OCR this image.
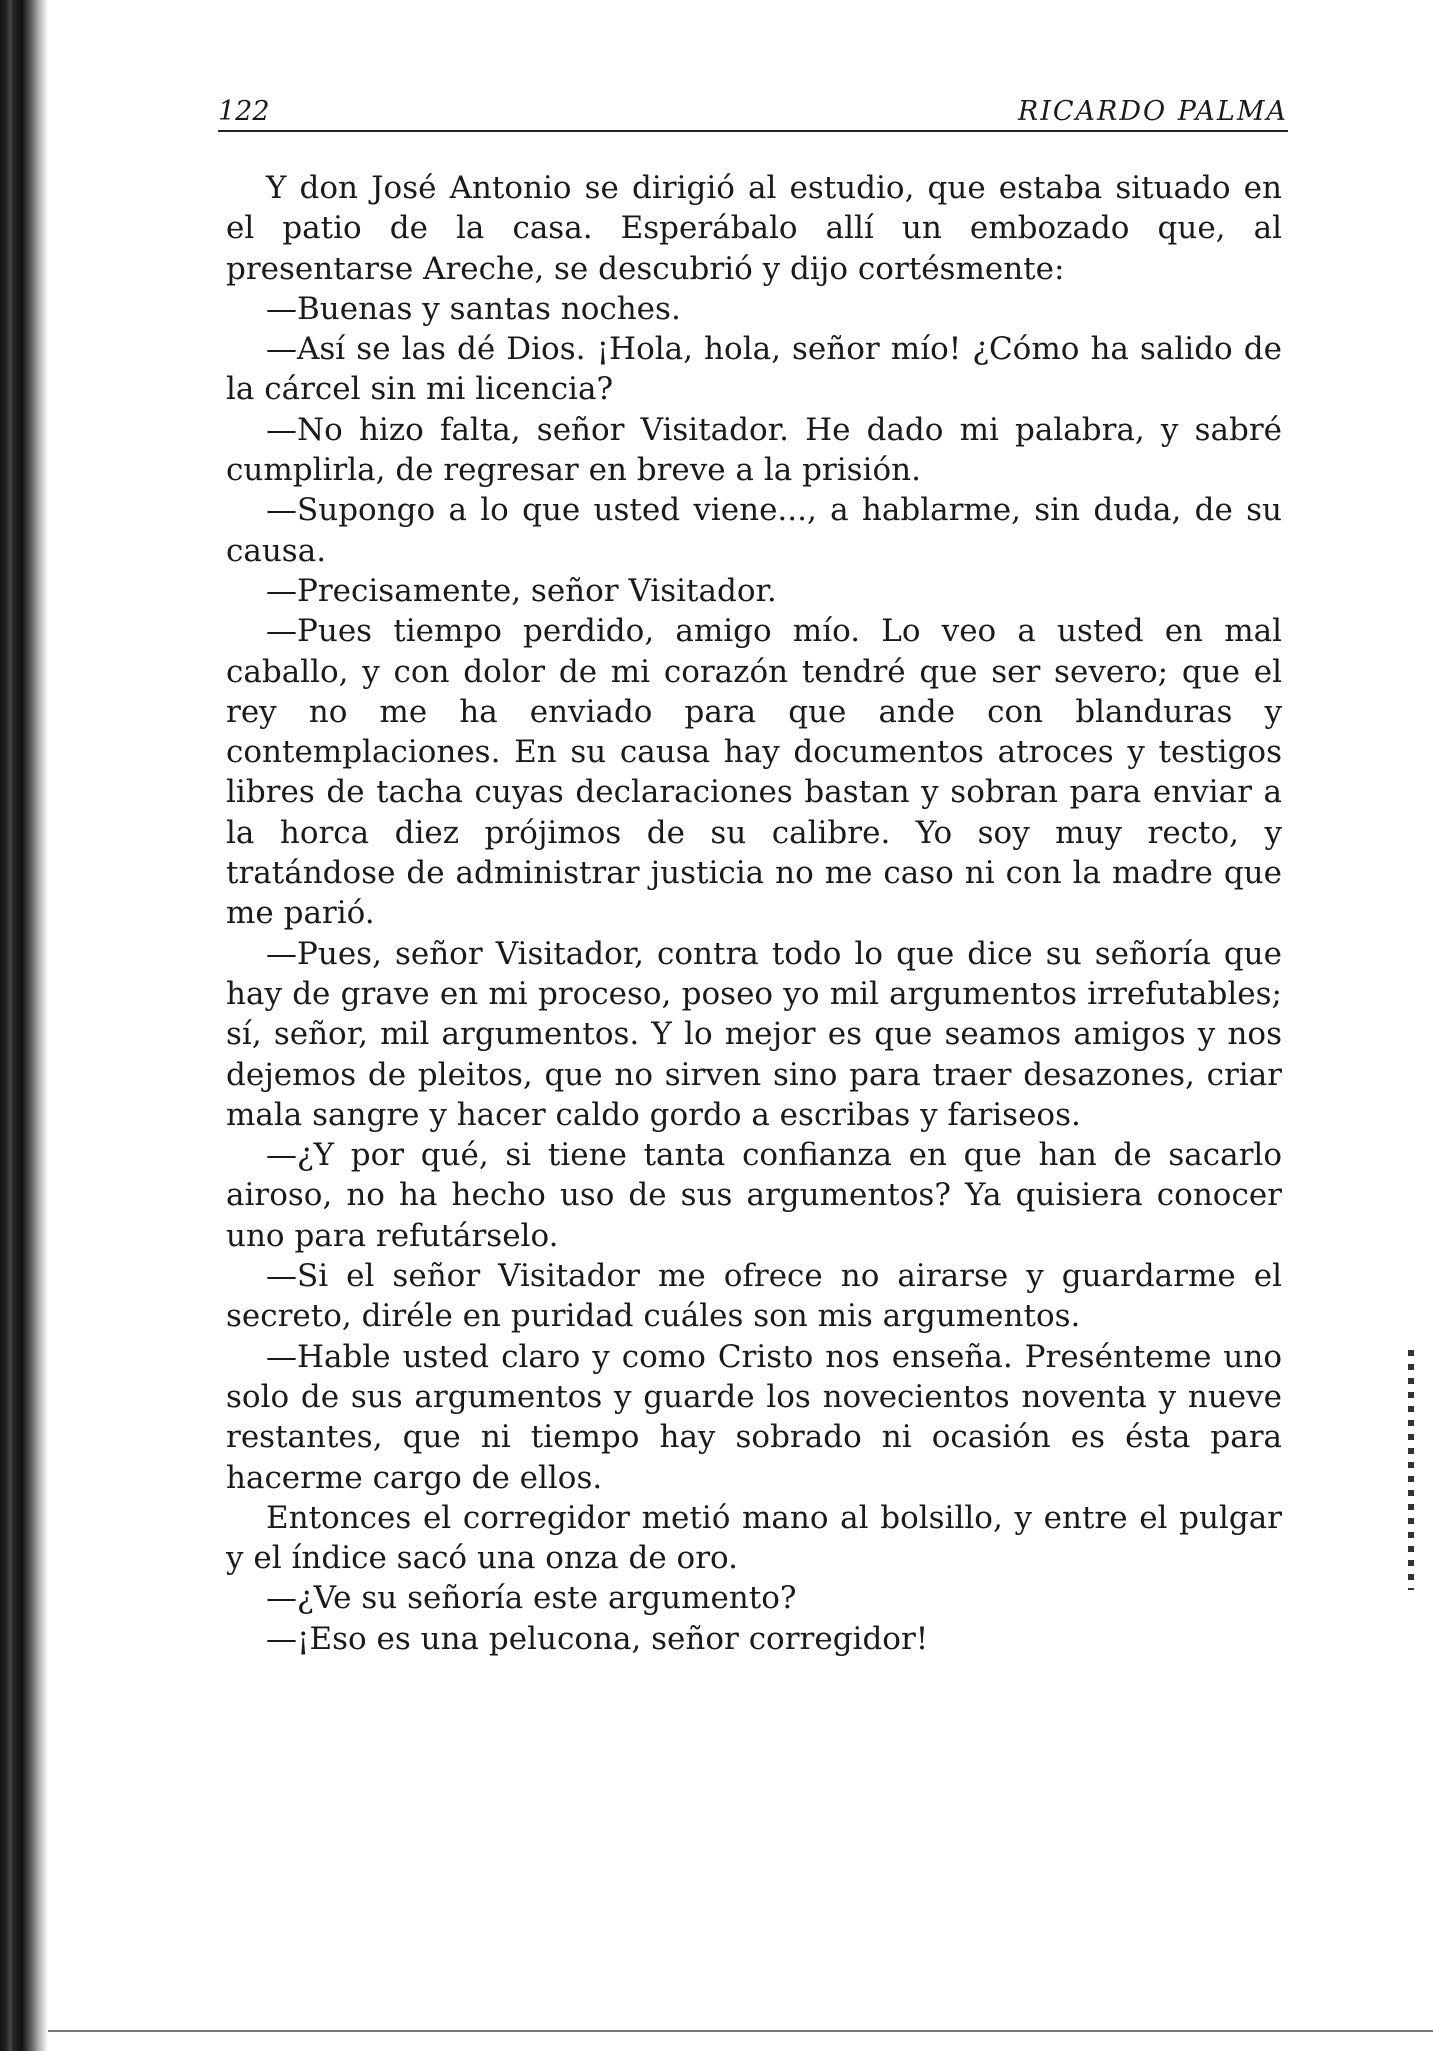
122	RICARDO PALMA

Y don José Antonio se dirigió al estudio, que estaba situado en el patio de la casa. Esperábalo allí un embozado que, al presentarse Areche, se descubrió y dijo cortésmente:

—Buenas y santas noches.

—Así se las dé Dios. ¡Hola, hola, señor mío! ¿Cómo ha salido de la cárcel sin mi licencia?

—No hizo falta, señor Visitador. He dado mi palabra, y sabré cumplirla, de regresar en breve a la prisión.

—Supongo a lo que usted viene..., a hablarme, sin duda, de su causa.

—Precisamente, señor Visitador.

—Pues tiempo perdido, amigo mío. Lo veo a usted en mal caballo, y con dolor de mi corazón tendré que ser severo; que el rey no me ha enviado para que ande con blanduras y contemplaciones. En su causa hay documentos atroces y testigos libres de tacha cuyas declaraciones bastan y sobran para enviar a la horca diez prójimos de su calibre. Yo soy muy recto, y tratándose de administrar justicia no me caso ni con la madre que me parió.

—Pues, señor Visitador, contra todo lo que dice su señoría que hay de grave en mi proceso, poseo yo mil argumentos irrefutables; sí, señor, mil argumentos. Y lo mejor es que seamos amigos y nos dejemos de pleitos, que no sirven sino para traer desazones, criar mala sangre y hacer caldo gordo a escribas y fariseos.

—¿Y por qué, si tiene tanta confianza en que han de sacarlo airoso, no ha hecho uso de sus argumentos? Ya quisiera conocer uno para refutárselo.

—Si el señor Visitador me ofrece no airarse y guardarme el secreto, diréle en puridad cuáles son mis argumentos.

—Hable usted claro y como Cristo nos enseña. Presénteme uno solo de sus argumentos y guarde los novecientos noventa y nueve restantes, que ni tiempo hay sobrado ni ocasión es ésta para hacerme cargo de ellos.

Entonces el corregidor metió mano al bolsillo, y entre el pulgar y el índice sacó una onza de oro.

—¿Ve su señoría este argumento?

—¡Eso es una pelucona, señor corregidor!
